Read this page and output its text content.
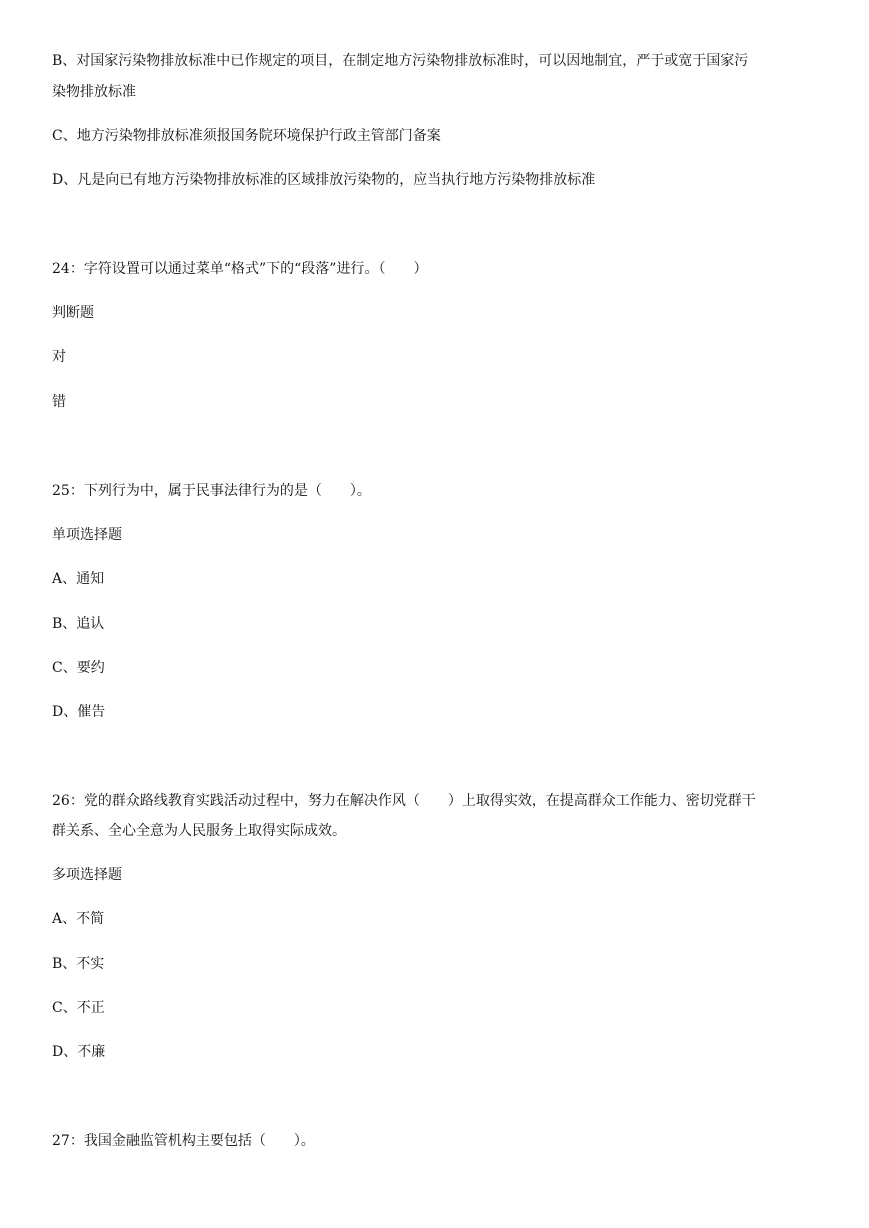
B、对国家污染物排放标准中已作规定的项目，在制定地方污染物排放标准时，可以因地制宜，严于或宽于国家污
染物排放标准
C、地方污染物排放标准须报国务院环境保护行政主管部门备案
D、凡是向已有地方污染物排放标准的区域排放污染物的，应当执行地方污染物排放标准
24：字符设置可以通过菜单“格式”下的“段落”进行。（　　）
判断题
对
错
25：下列行为中，属于民事法律行为的是（　　）。
单项选择题
A、通知
B、追认
C、要约
D、催告
26：党的群众路线教育实践活动过程中，努力在解决作风（　　）上取得实效，在提高群众工作能力、密切党群干
群关系、全心全意为人民服务上取得实际成效。
多项选择题
A、不简
B、不实
C、不正
D、不廉
27：我国金融监管机构主要包括（　　）。
